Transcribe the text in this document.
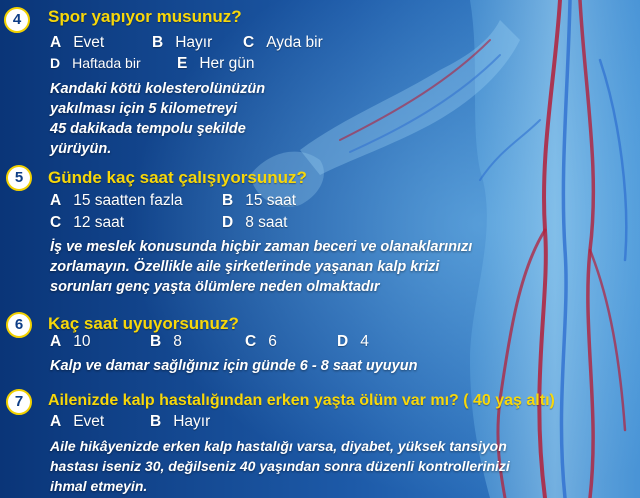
4	Spor yapıyor musunuz?
A Evet	B Hayır C Ayda bir
D Haftada bir E Her gün
Kandaki kötü kolesterolünüzün
yakılması için 5 kilometreyi
45 dakikada tempolu şekilde
yürüyün.
5	Günde kaç saat çalışıyorsunuz?
A 15 saatten fazla	B 15 saat
C 12 saat	D 8 saat
İş ve meslek konusunda hiçbir zaman beceri ve olanaklarınızı
zorlamayın. Özellikle aile şirketlerinde yaşanan kalp krizi
sorunları genç yaşta ölümlere neden olmaktadır
6	Kaç saat uyuyorsunuz?
A 10	B 8	C 6	D 4
Kalp ve damar sağlığınız için günde 6 - 8 saat uyuyun
7	Ailenizde kalp hastalığından erken yaşta ölüm var mı? ( 40 yaş altı)
A Evet	B Hayır
Aile hikâyenizde erken kalp hastalığı varsa, diyabet, yüksek tansiyon
hastası iseniz 30, değilseniz 40 yaşından sonra düzenli kontrollerinizi
ihmal etmeyin.
